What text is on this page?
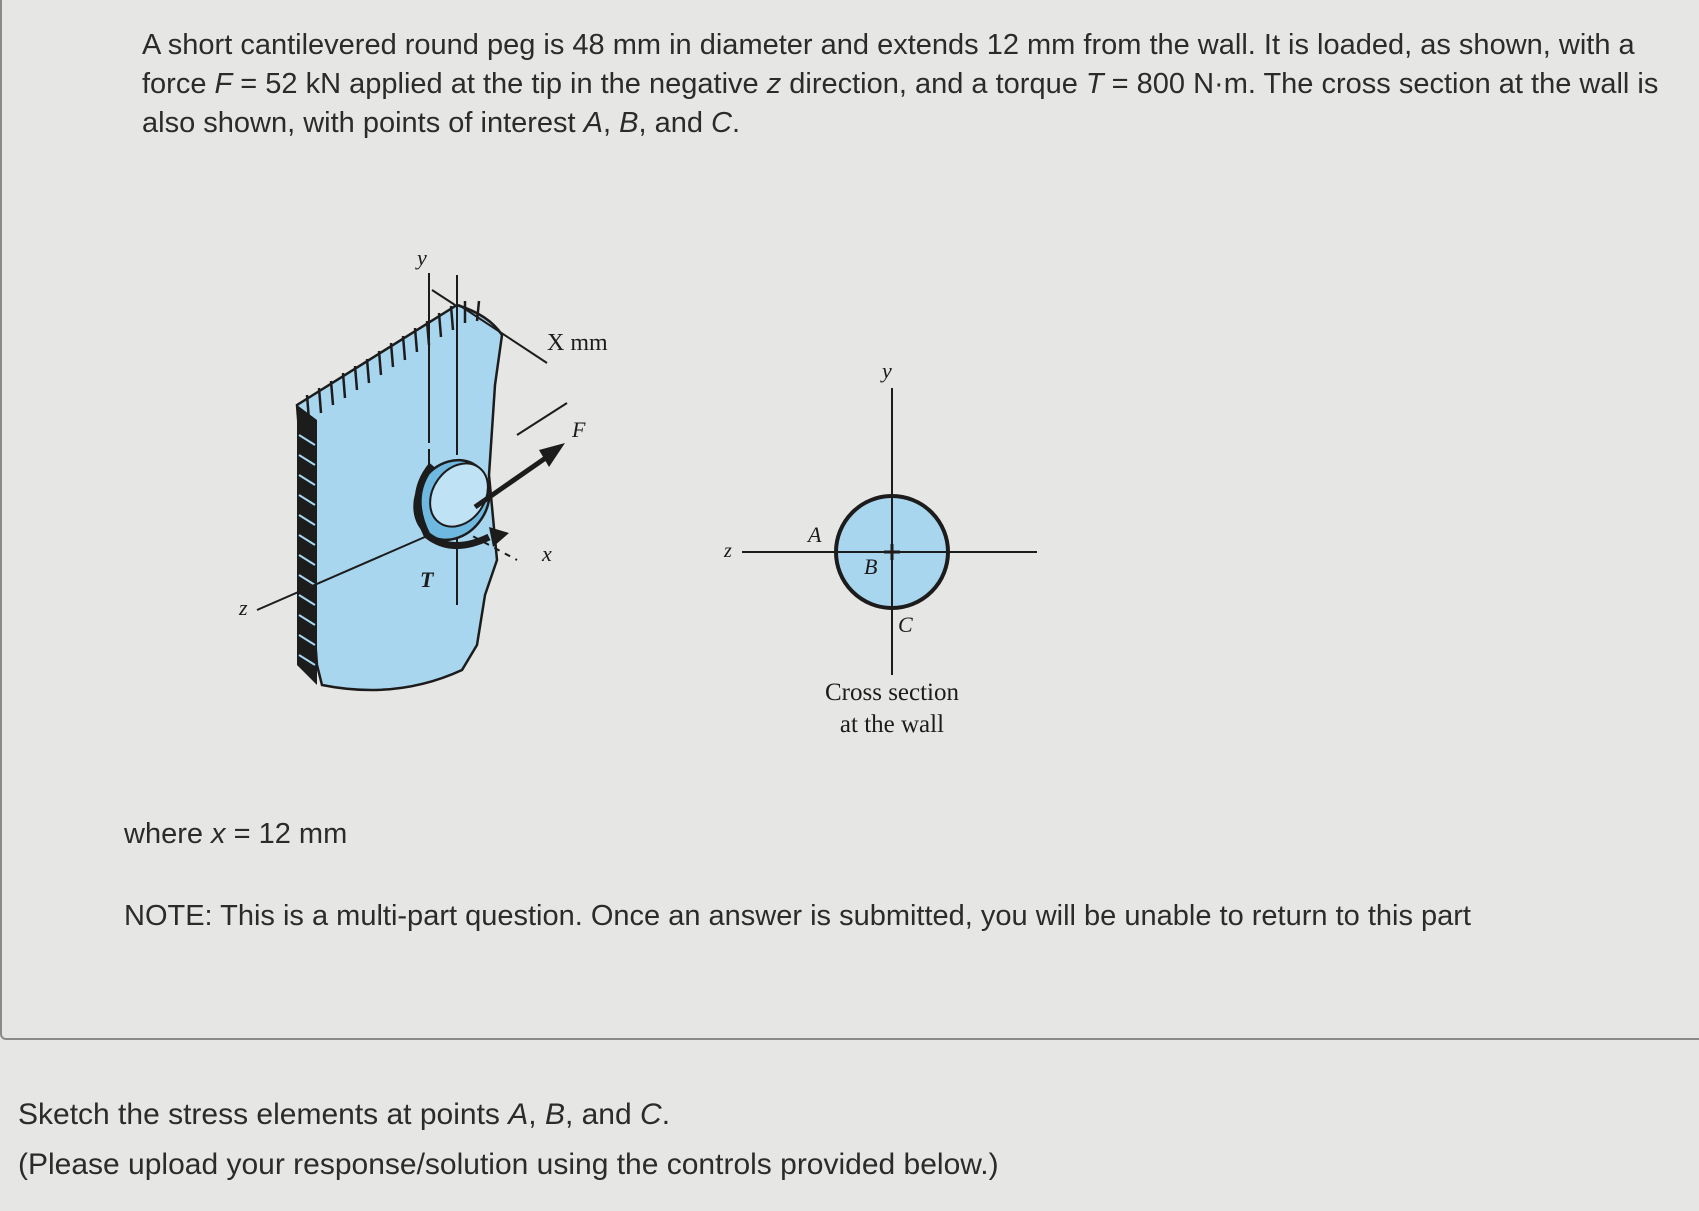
A short cantilevered round peg is 48 mm in diameter and extends 12 mm from the wall. It is loaded, as shown, with a force F = 52 kN applied at the tip in the negative z direction, and a torque T = 800 N·m. The cross section at the wall is also shown, with points of interest A, B, and C.

y
X mm
F
x
T
z
y
z
A
B
C
Cross section
at the wall

where x = 12 mm

NOTE: This is a multi-part question. Once an answer is submitted, you will be unable to return to this part

Sketch the stress elements at points A, B, and C.
(Please upload your response/solution using the controls provided below.)
